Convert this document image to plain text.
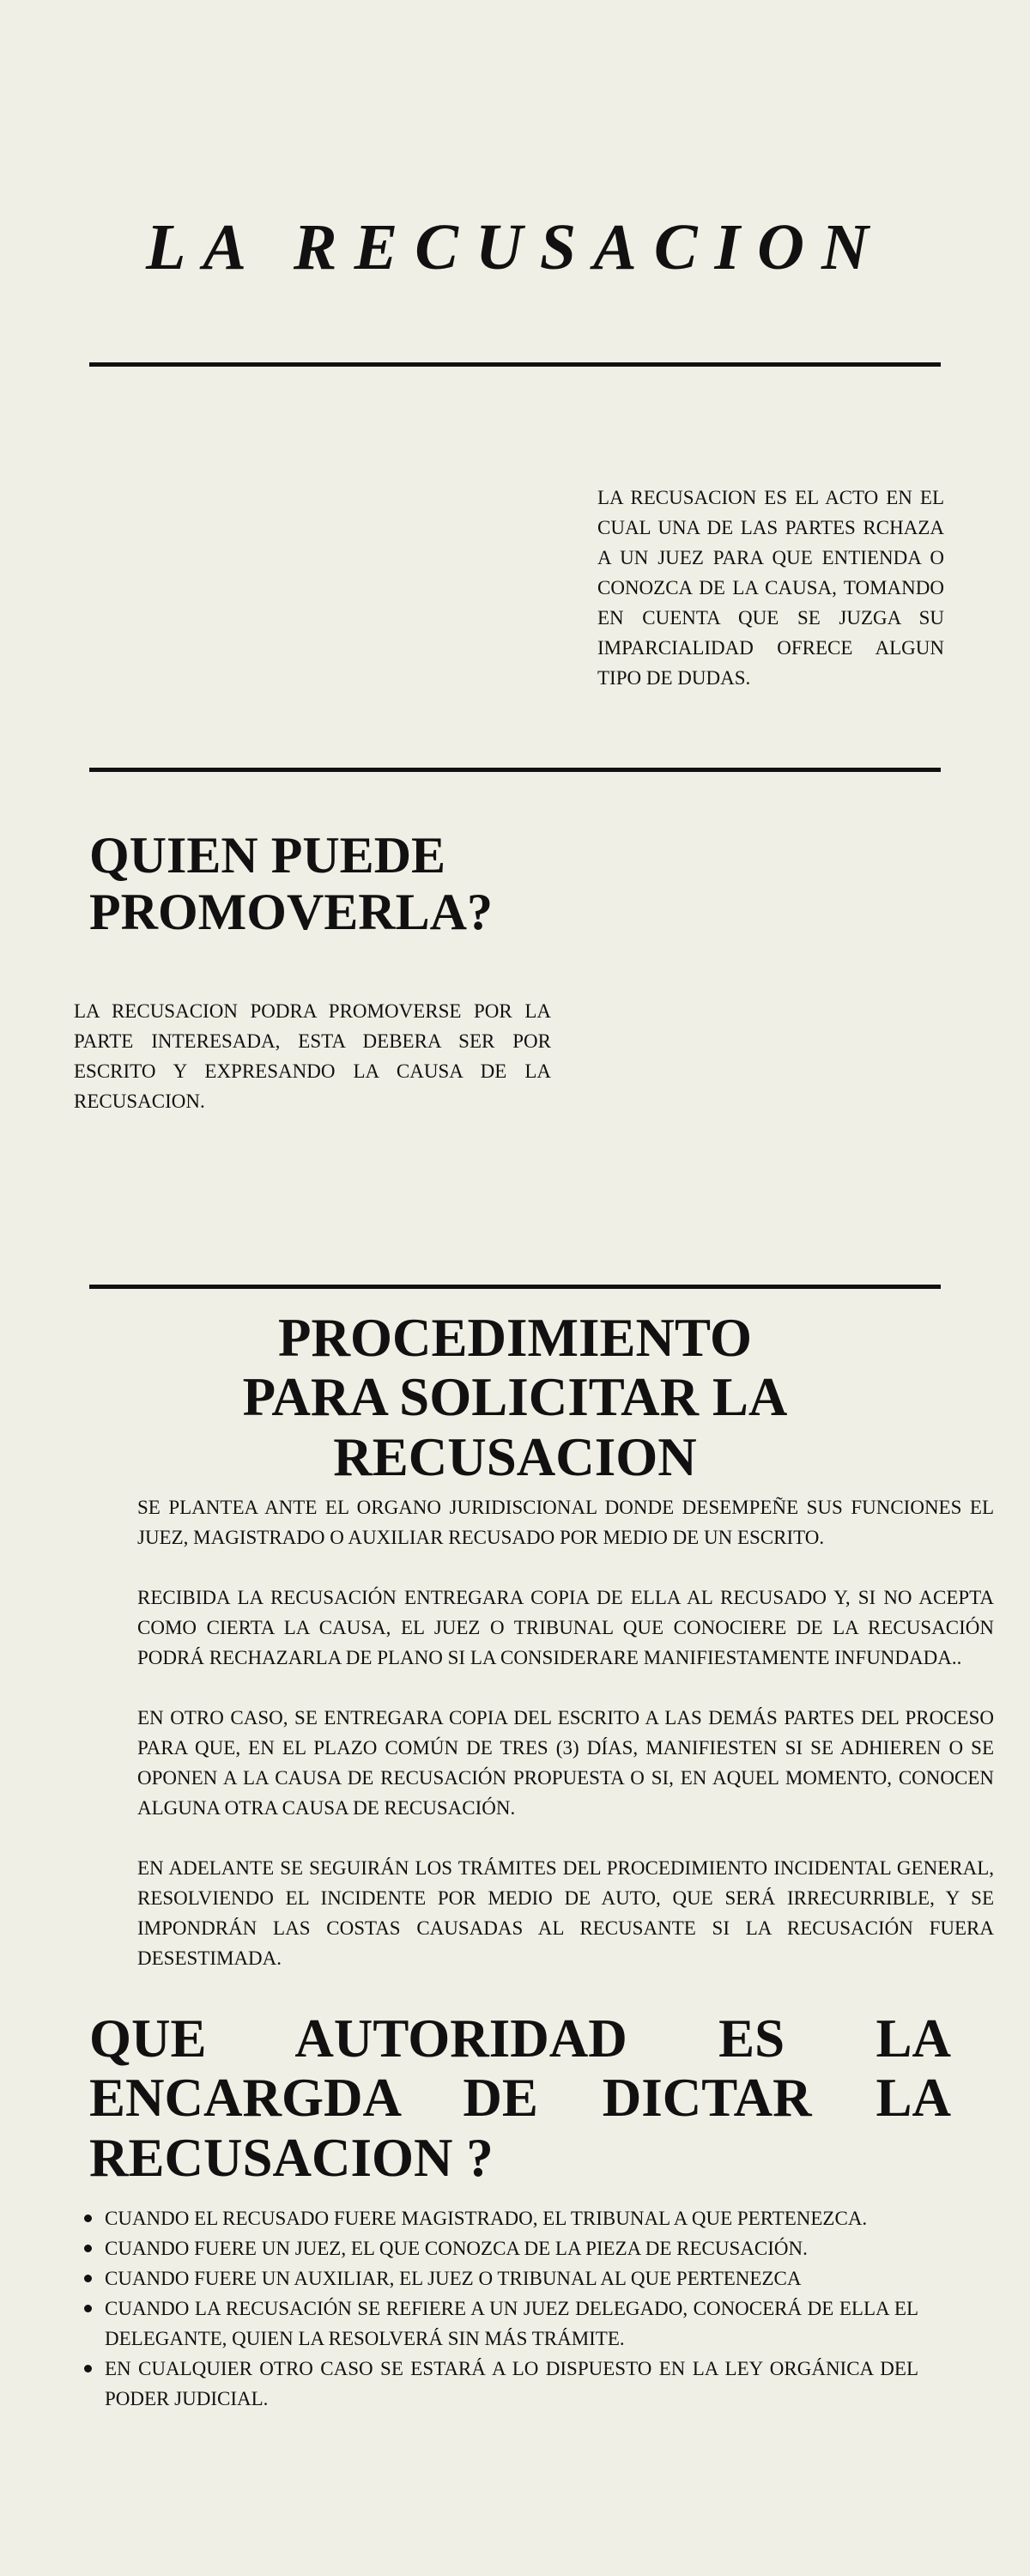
LA RECUSACION
LA RECUSACION ES EL ACTO EN EL CUAL UNA DE LAS PARTES RCHAZA A UN JUEZ PARA QUE ENTIENDA O CONOZCA DE LA CAUSA, TOMANDO EN CUENTA QUE SE JUZGA SU IMPARCIALIDAD OFRECE ALGUN TIPO DE DUDAS.
QUIEN PUEDE
PROMOVERLA?
LA RECUSACION PODRA PROMOVERSE POR LA PARTE INTERESADA, ESTA DEBERA SER POR ESCRITO Y EXPRESANDO LA CAUSA DE LA RECUSACION.
PROCEDIMIENTO
PARA SOLICITAR LA
RECUSACION

SE PLANTEA ANTE EL ORGANO JURIDISCIONAL DONDE DESEMPEÑE SUS FUNCIONES EL JUEZ, MAGISTRADO O AUXILIAR RECUSADO POR MEDIO DE UN ESCRITO.

RECIBIDA LA RECUSACIÓN ENTREGARA COPIA DE ELLA AL RECUSADO Y, SI NO ACEPTA COMO CIERTA LA CAUSA, EL JUEZ O TRIBUNAL QUE CONOCIERE DE LA RECUSACIÓN PODRÁ RECHAZARLA DE PLANO SI LA CONSIDERARE MANIFIESTAMENTE INFUNDADA..

EN OTRO CASO, SE ENTREGARA COPIA DEL ESCRITO A LAS DEMÁS PARTES DEL PROCESO PARA QUE, EN EL PLAZO COMÚN DE TRES (3) DÍAS, MANIFIESTEN SI SE ADHIEREN O SE OPONEN A LA CAUSA DE RECUSACIÓN PROPUESTA O SI, EN AQUEL MOMENTO, CONOCEN ALGUNA OTRA CAUSA DE RECUSACIÓN.

EN ADELANTE SE SEGUIRÁN LOS TRÁMITES DEL PROCEDIMIENTO INCIDENTAL GENERAL, RESOLVIENDO EL INCIDENTE POR MEDIO DE AUTO, QUE SERÁ IRRECURRIBLE, Y SE IMPONDRÁN LAS COSTAS CAUSADAS AL RECUSANTE SI LA RECUSACIÓN FUERA DESESTIMADA.

QUE AUTORIDAD ES LA
ENCARGDA DE DICTAR LA
RECUSACION ?
CUANDO EL RECUSADO FUERE MAGISTRADO, EL TRIBUNAL A QUE PERTENEZCA.
CUANDO FUERE UN JUEZ, EL QUE CONOZCA DE LA PIEZA DE RECUSACIÓN.
CUANDO FUERE UN AUXILIAR, EL JUEZ O TRIBUNAL AL QUE PERTENEZCA
CUANDO LA RECUSACIÓN SE REFIERE A UN JUEZ DELEGADO, CONOCERÁ DE ELLA EL DELEGANTE, QUIEN LA RESOLVERÁ SIN MÁS TRÁMITE.
EN CUALQUIER OTRO CASO SE ESTARÁ A LO DISPUESTO EN LA LEY ORGÁNICA DEL PODER JUDICIAL.
